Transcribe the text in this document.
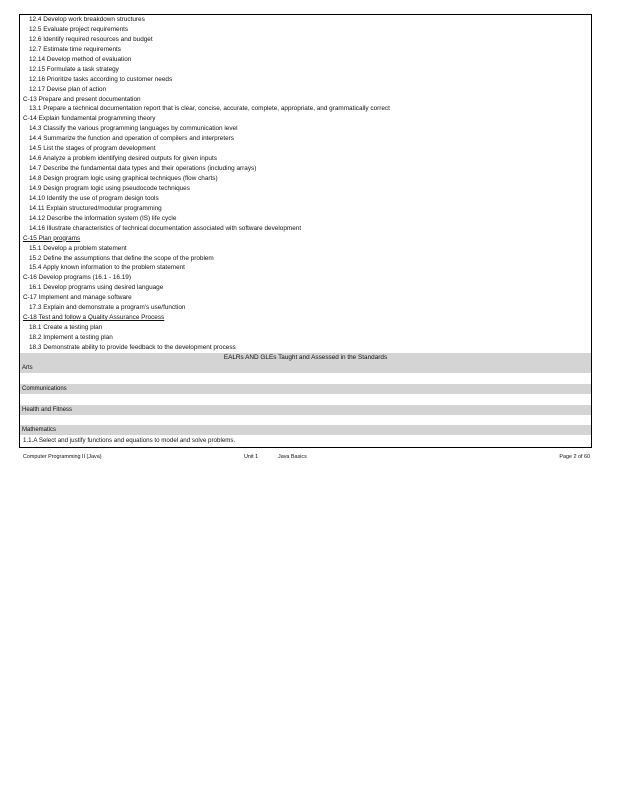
12.4 Develop work breakdown structures
12.5 Evaluate project requirements
12.6 Identify required resources and budget
12.7 Estimate time requirements
12.14 Develop method of evaluation
12.15 Formulate a task strategy
12.16 Prioritize tasks according to customer needs
12.17 Devise plan of action
C-13 Prepare and present documentation
13.1 Prepare a technical documentation report that is clear, concise, accurate, complete, appropriate, and grammatically correct
C-14 Explain fundamental programming theory
14.3 Classify the various programming languages by communication level
14.4 Summarize the function and operation of compilers and interpreters
14.5 List the stages of program development
14.6 Analyze a problem identifying desired outputs for given inputs
14.7 Describe the fundamental data types and their operations (including arrays)
14.8 Design program logic using graphical techniques (flow charts)
14.9 Design program logic using pseudocode techniques
14.10 Identify the use of program design tools
14.11 Explain structured/modular programming
14.12 Describe the information system (IS) life cycle
14.16 Illustrate characteristics of technical documentation associated with software development
C-15 Plan programs
15.1 Develop a problem statement
15.2 Define the assumptions that define the scope of the problem
15.4 Apply known information to the problem statement
C-16 Develop programs (16.1 - 16.19)
16.1 Develop programs using desired language
C-17 Implement and manage software
17.3 Explain and demonstrate a program's use/function
C-18 Test and follow a Quality Assurance Process
18.1 Create a testing plan
18.2 Implement a testing plan
18.3 Demonstrate ability to provide feedback to the development process
EALRs AND GLEs Taught and Assessed in the Standards
Arts
Communications
Health and Fitness
Mathematics
1.1.A Select and justify functions and equations to model and solve problems.
Computer Programming II (Java)	Unit 1	Java Basics	Page 2 of 60
